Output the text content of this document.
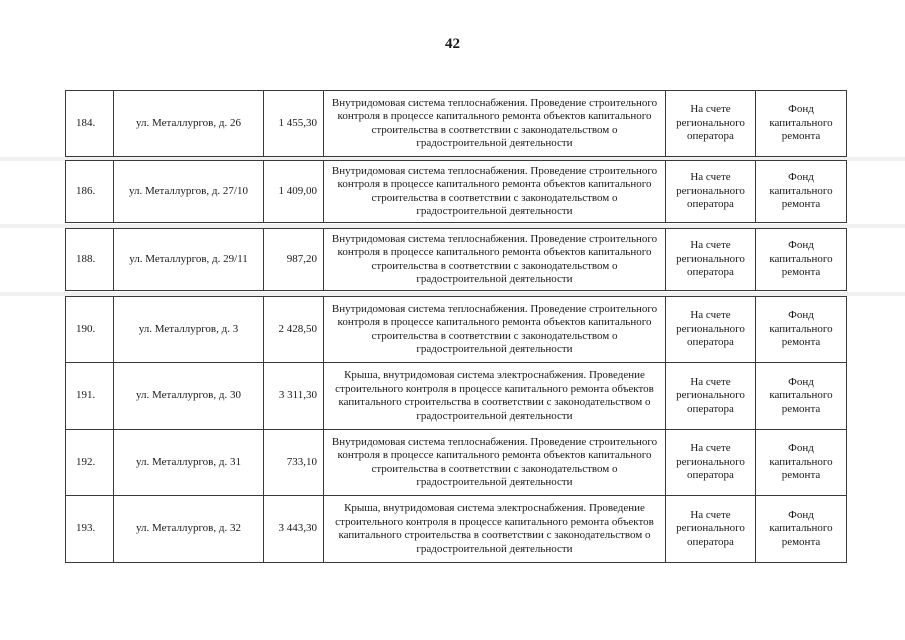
42
184.	ул. Металлургов, д. 26	1 455,30	Внутридомовая система теплоснабжения. Проведение строительного контроля в процессе капитального ремонта объектов капитального строительства в соответствии с законодательством о градостроительной деятельности	На счете регионального оператора	Фонд капитального ремонта
186.	ул. Металлургов, д. 27/10	1 409,00	Внутридомовая система теплоснабжения. Проведение строительного контроля в процессе капитального ремонта объектов капитального строительства в соответствии с законодательством о градостроительной деятельности	На счете регионального оператора	Фонд капитального ремонта
188.	ул. Металлургов, д. 29/11	987,20	Внутридомовая система теплоснабжения. Проведение строительного контроля в процессе капитального ремонта объектов капитального строительства в соответствии с законодательством о градостроительной деятельности	На счете регионального оператора	Фонд капитального ремонта
190.	ул. Металлургов, д. 3	2 428,50	Внутридомовая система теплоснабжения. Проведение строительного контроля в процессе капитального ремонта объектов капитального строительства в соответствии с законодательством о градостроительной деятельности	На счете регионального оператора	Фонд капитального ремонта
191.	ул. Металлургов, д. 30	3 311,30	Крыша, внутридомовая система электроснабжения. Проведение строительного контроля в процессе капитального ремонта объектов капитального строительства в соответствии с законодательством о градостроительной деятельности	На счете регионального оператора	Фонд капитального ремонта
192.	ул. Металлургов, д. 31	733,10	Внутридомовая система теплоснабжения. Проведение строительного контроля в процессе капитального ремонта объектов капитального строительства в соответствии с законодательством о градостроительной деятельности	На счете регионального оператора	Фонд капитального ремонта
193.	ул. Металлургов, д. 32	3 443,30	Крыша, внутридомовая система электроснабжения. Проведение строительного контроля в процессе капитального ремонта объектов капитального строительства в соответствии с законодательством о градостроительной деятельности	На счете регионального оператора	Фонд капитального ремонта
